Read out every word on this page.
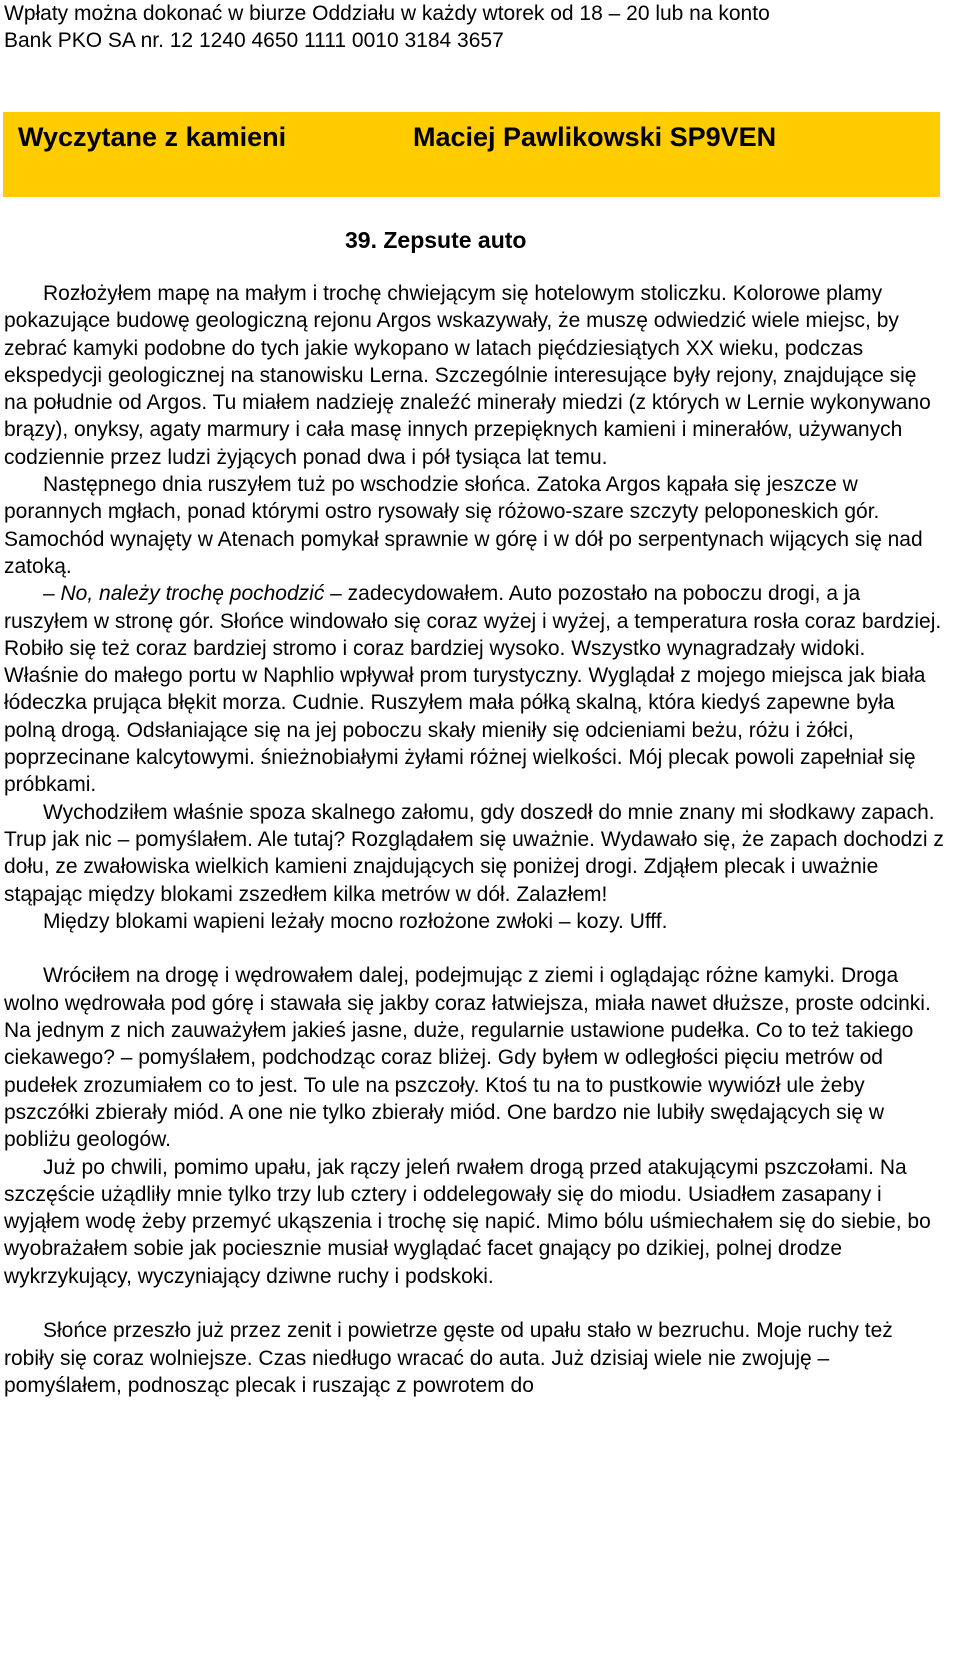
Wpłaty można dokonać w biurze Oddziału w każdy wtorek od 18 – 20 lub na konto
Bank PKO SA nr. 12 1240 4650 1111 0010 3184 3657

Wyczytane z kamieni	Maciej Pawlikowski SP9VEN
39. Zepsute auto

Rozłożyłem mapę na małym i trochę chwiejącym się hotelowym stoliczku. Kolorowe plamy pokazujące budowę geologiczną rejonu Argos wskazywały, że muszę odwiedzić wiele miejsc, by zebrać kamyki podobne do tych jakie wykopano w latach pięćdziesiątych XX wieku, podczas ekspedycji geologicznej na stanowisku Lerna. Szczególnie interesujące były rejony, znajdujące się na południe od Argos. Tu miałem nadzieję znaleźć minerały miedzi (z których w Lernie wykonywano brązy), onyksy, agaty marmury i cała masę innych przepięknych kamieni i minerałów, używanych codziennie przez ludzi żyjących ponad dwa i pół tysiąca lat temu.

Następnego dnia ruszyłem tuż po wschodzie słońca. Zatoka Argos kąpała się jeszcze w porannych mgłach, ponad którymi ostro rysowały się różowo-szare szczyty peloponeskich gór. Samochód wynajęty w Atenach pomykał sprawnie w górę i w dół po serpentynach wijących się nad zatoką.

– No, należy trochę pochodzić – zadecydowałem. Auto pozostało na poboczu drogi, a ja ruszyłem w stronę gór. Słońce windowało się coraz wyżej i wyżej, a temperatura rosła coraz bardziej. Robiło się też coraz bardziej stromo i coraz bardziej wysoko. Wszystko wynagradzały widoki. Właśnie do małego portu w Naphlio wpływał prom turystyczny. Wyglądał z mojego miejsca jak biała łódeczka prująca błękit morza. Cudnie. Ruszyłem mała półką skalną, która kiedyś zapewne była polną drogą. Odsłaniające się na jej poboczu skały mieniły się odcieniami beżu, różu i żółci, poprzecinane kalcytowymi. śnieżnobiałymi żyłami różnej wielkości. Mój plecak powoli zapełniał się próbkami.

Wychodziłem właśnie spoza skalnego załomu, gdy doszedł do mnie znany mi słodkawy zapach. Trup jak nic – pomyślałem. Ale tutaj? Rozglądałem się uważnie. Wydawało się, że zapach dochodzi z dołu, ze zwałowiska wielkich kamieni znajdujących się poniżej drogi. Zdjąłem plecak i uważnie stąpając między blokami zszedłem kilka metrów w dół. Zalazłem!

Między blokami wapieni leżały mocno rozłożone zwłoki – kozy. Ufff.

Wróciłem na drogę i wędrowałem dalej, podejmując z ziemi i oglądając różne kamyki. Droga wolno wędrowała pod górę i stawała się jakby coraz łatwiejsza, miała nawet dłuższe, proste odcinki. Na jednym z nich zauważyłem jakieś jasne, duże, regularnie ustawione pudełka. Co to też takiego ciekawego? – pomyślałem, podchodząc coraz bliżej. Gdy byłem w odległości pięciu metrów od pudełek zrozumiałem co to jest. To ule na pszczoły. Ktoś tu na to pustkowie wywiózł ule żeby pszczółki zbierały miód. A one nie tylko zbierały miód. One bardzo nie lubiły swędających się w pobliżu geologów.

Już po chwili, pomimo upału, jak rączy jeleń rwałem drogą przed atakującymi pszczołami. Na szczęście użądliły mnie tylko trzy lub cztery i oddelegowały się do miodu. Usiadłem zasapany i wyjąłem wodę żeby przemyć ukąszenia i trochę się napić. Mimo bólu uśmiechałem się do siebie, bo wyobrażałem sobie jak pociesznie musiał wyglądać facet gnający po dzikiej, polnej drodze wykrzykujący, wyczyniający dziwne ruchy i podskoki.

Słońce przeszło już przez zenit i powietrze gęste od upału stało w bezruchu. Moje ruchy też robiły się coraz wolniejsze. Czas niedługo wracać do auta. Już dzisiaj wiele nie zwojuję – pomyślałem, podnosząc plecak i ruszając z powrotem do
